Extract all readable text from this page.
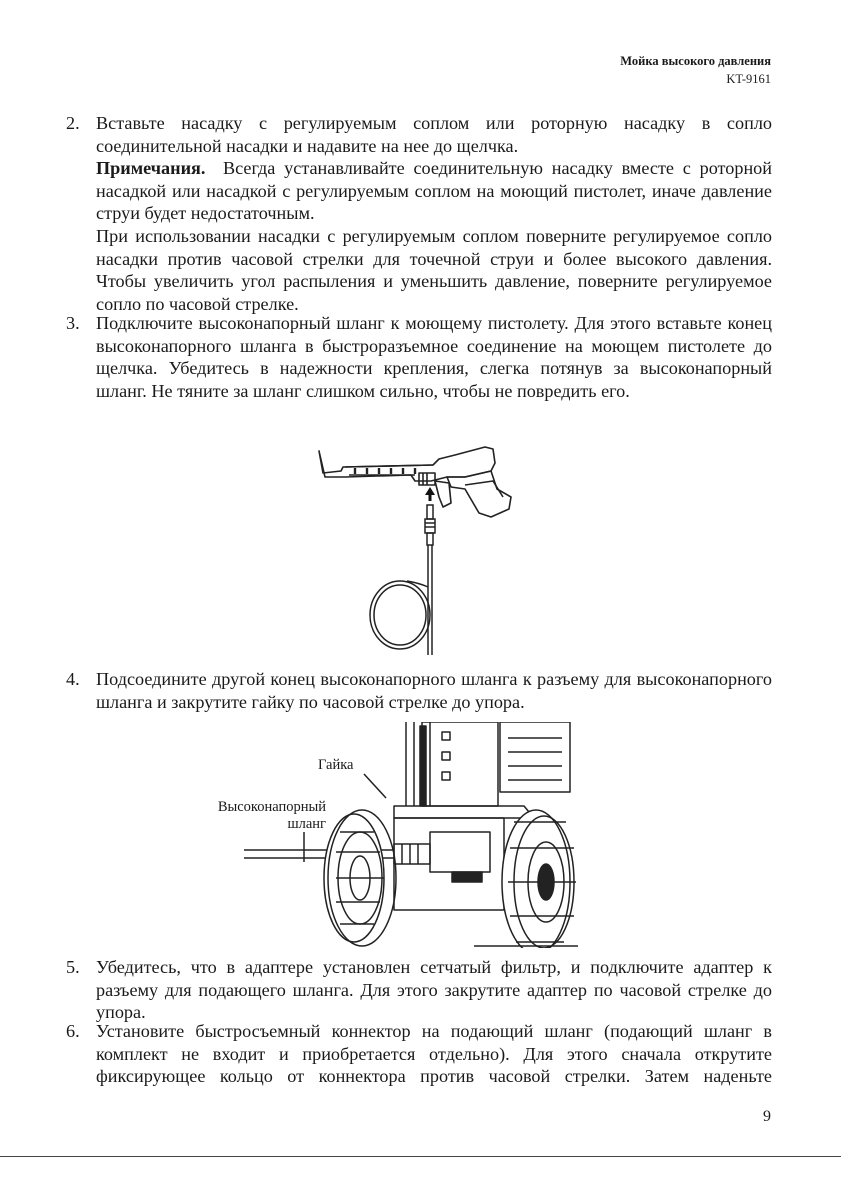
Мойка высокого давления
KT-9161
2. Вставьте насадку с регулируемым соплом или роторную насадку в сопло соединительной насадки и надавите на нее до щелчка.

Примечания. Всегда устанавливайте соединительную насадку вместе с роторной насадкой или насадкой с регулируемым соплом на моющий пистолет, иначе давление струи будет недостаточным.

При использовании насадки с регулируемым соплом поверните регулируемое сопло насадки против часовой стрелки для точечной струи и более высокого давления. Чтобы увеличить угол распыления и уменьшить давление, поверните регулируемое сопло по часовой стрелке.

3. Подключите высоконапорный шланг к моющему пистолету. Для этого вставьте конец высоконапорного шланга в быстроразъемное соединение на моющем пистолете до щелчка. Убедитесь в надежности крепления, слегка потянув за высоконапорный шланг. Не тяните за шланг слишком сильно, чтобы не повредить его.

4. Подсоедините другой конец высоконапорного шланга к разъему для высоконапорного шланга и закрутите гайку по часовой стрелке до упора.

Гайка
Высоконапорный
шланг
5. Убедитесь, что в адаптере установлен сетчатый фильтр, и подключите адаптер к разъему для подающего шланга. Для этого закрутите адаптер по часовой стрелке до упора.

6. Установите быстросъемный коннектор на подающий шланг (подающий шланг в комплект не входит и приобретается отдельно). Для этого сначала открутите фиксирующее кольцо от коннектора против часовой стрелки. Затем наденьте

9
